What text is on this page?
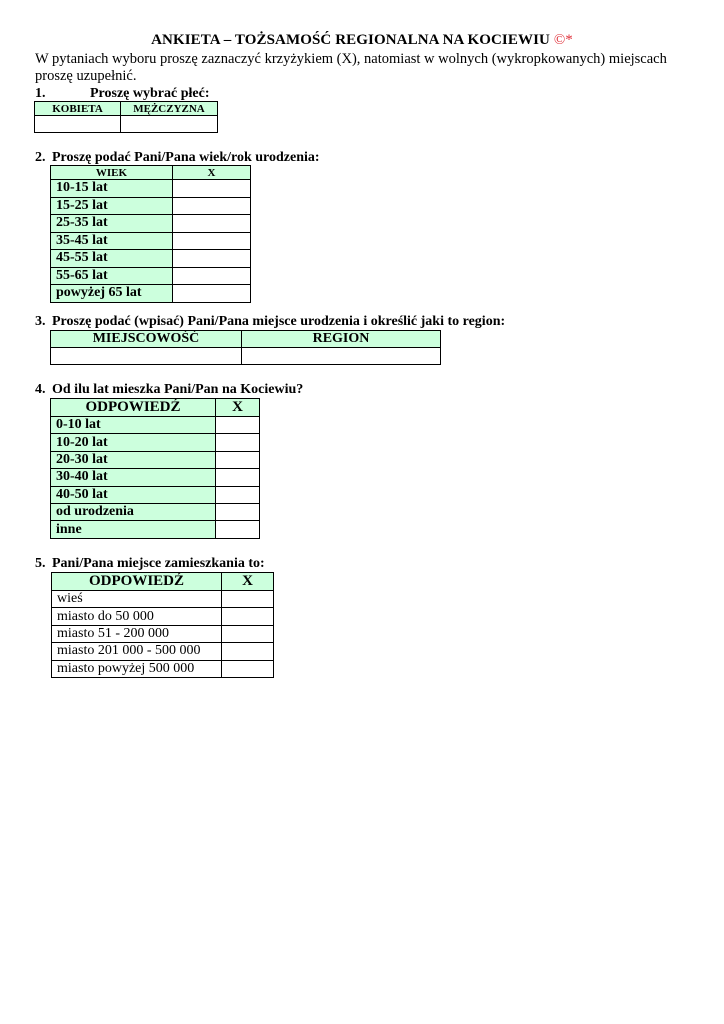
ANKIETA – TOŻSAMOŚĆ REGIONALNA NA KOCIEWIU ©*
W pytaniach wyboru proszę zaznaczyć krzyżykiem (X), natomiast w wolnych (wykropkowanych) miejscach proszę uzupełnić.
1.	Proszę wybrać płeć:
KOBIETA	MĘŻCZYZNA

2. Proszę podać Pani/Pana wiek/rok urodzenia:
WIEK	X
10-15 lat	
15-25 lat	
25-35 lat	
35-45 lat	
45-55 lat	
55-65 lat	
powyżej 65 lat	
3. Proszę podać (wpisać) Pani/Pana miejsce urodzenia i określić jaki to region:
MIEJSCOWOŚĆ	REGION

4. Od ilu lat mieszka Pani/Pan na Kociewiu?
ODPOWIEDŹ	X
0-10 lat	
10-20 lat	
20-30 lat	
30-40 lat	
40-50 lat	
od urodzenia	
inne	
5. Pani/Pana miejsce zamieszkania to:
ODPOWIEDŹ	X
wieś	
miasto do 50 000	
miasto 51 - 200 000	
miasto 201 000 - 500 000	
miasto powyżej 500 000	
